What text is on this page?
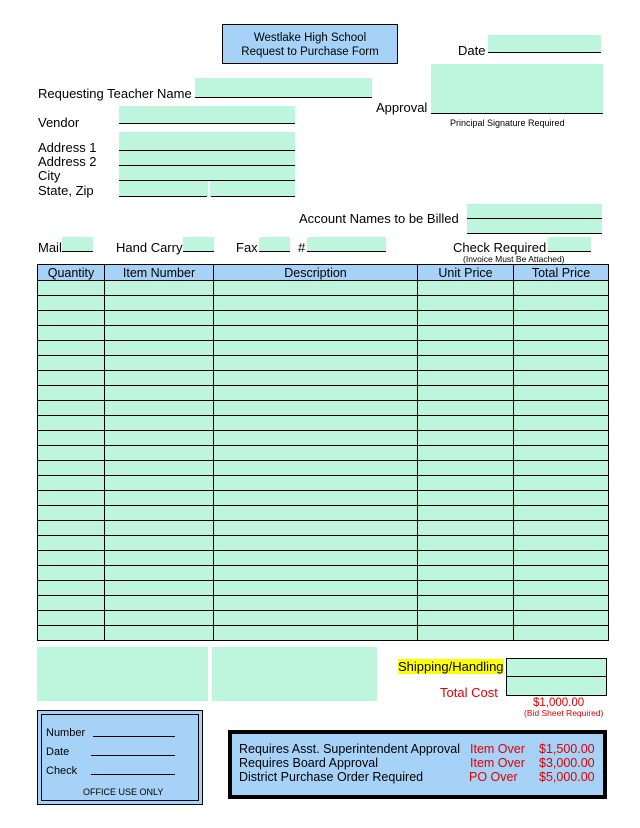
Westlake High School
Request to Purchase Form	Date
Requesting Teacher Name
Approval
Principal Signature Required
Vendor
Address 1
Address 2
City
State, Zip
Account Names to be Billed
Mail	Hand Carry	Fax	#	Check Required
(Invoice Must Be Attached)
Quantity	Item Number	Description	Unit Price	Total Price

Shipping/Handling
Total Cost
$1,000.00
(Bid Sheet Required)
Number
Date
Check
OFFICE USE ONLY
Requires Asst. Superintendent Approval Item Over $1,500.00
Requires Board Approval	Item Over $3,000.00
District Purchase Order Required	PO Over $5,000.00
